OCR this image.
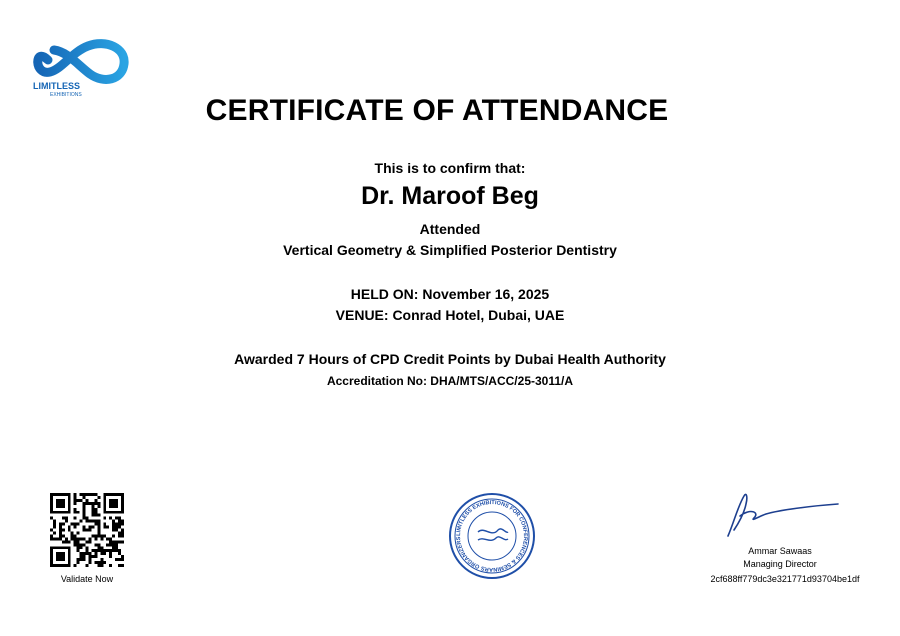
LIMITLESS
EXHIBITIONS	CERTIFICATE OF ATTENDANCE
This is to confirm that:
Dr. Maroof Beg
Attended
Vertical Geometry & Simplified Posterior Dentistry
HELD ON: November 16, 2025
VENUE: Conrad Hotel, Dubai, UAE
Awarded 7 Hours of CPD Credit Points by Dubai Health Authority
Accreditation No: DHA/MTS/ACC/25-3011/A
Validate Now
LIMITLESS EXHIBITIONS FOR CONFERENCES & SEMINARS ORGANIZERS
Ammar Sawaas
Managing Director
2cf688ff779dc3e321771d93704be1df
